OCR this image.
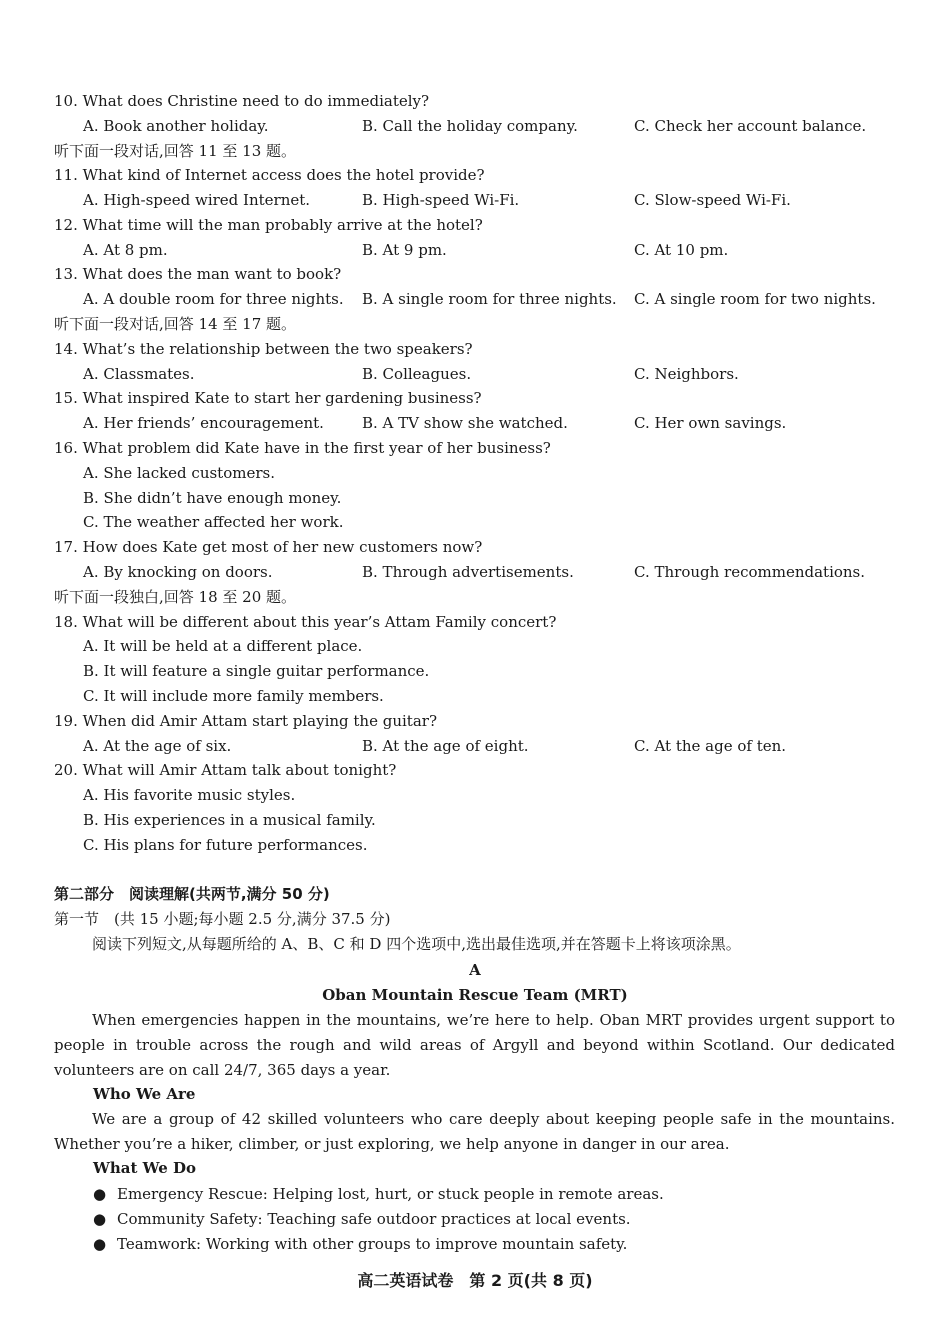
10. What does Christine need to do immediately?
A. Book another holiday.	B. Call the holiday company.	C. Check her account balance.
听下面一段对话,回答 11 至 13 题。
11. What kind of Internet access does the hotel provide?
A. High-speed wired Internet.	B. High-speed Wi-Fi.	C. Slow-speed Wi-Fi.
12. What time will the man probably arrive at the hotel?
A. At 8 pm.	B. At 9 pm.	C. At 10 pm.
13. What does the man want to book?
A. A double room for three nights. B. A single room for three nights. C. A single room for two nights.
听下面一段对话,回答 14 至 17 题。
14. What’s the relationship between the two speakers?
A. Classmates.	B. Colleagues.	C. Neighbors.
15. What inspired Kate to start her gardening business?
A. Her friends’ encouragement.	B. A TV show she watched.	C. Her own savings.
16. What problem did Kate have in the first year of her business?
A. She lacked customers.
B. She didn’t have enough money.
C. The weather affected her work.
17. How does Kate get most of her new customers now?
A. By knocking on doors.	B. Through advertisements.	C. Through recommendations.
听下面一段独白,回答 18 至 20 题。
18. What will be different about this year’s Attam Family concert?
A. It will be held at a different place.
B. It will feature a single guitar performance.
C. It will include more family members.
19. When did Amir Attam start playing the guitar?
A. At the age of six.	B. At the age of eight.	C. At the age of ten.
20. What will Amir Attam talk about tonight?
A. His favorite music styles.
B. His experiences in a musical family.
C. His plans for future performances.
第二部分　阅读理解(共两节,满分 50 分)
第一节　(共 15 小题;每小题 2.5 分,满分 37.5 分)
阅读下列短文,从每题所给的 A、B、C 和 D 四个选项中,选出最佳选项,并在答题卡上将该项涂黑。
A
Oban Mountain Rescue Team (MRT)
When emergencies happen in the mountains, we’re here to help. Oban MRT provides urgent support to people in trouble across the rough and wild areas of Argyll and beyond within Scotland. Our dedicated volunteers are on call 24/7, 365 days a year.
Who We Are
We are a group of 42 skilled volunteers who care deeply about keeping people safe in the mountains. Whether you’re a hiker, climber, or just exploring, we help anyone in danger in our area.
What We Do
● Emergency Rescue: Helping lost, hurt, or stuck people in remote areas.
● Community Safety: Teaching safe outdoor practices at local events.
● Teamwork: Working with other groups to improve mountain safety.
高二英语试卷　第 2 页(共 8 页)
